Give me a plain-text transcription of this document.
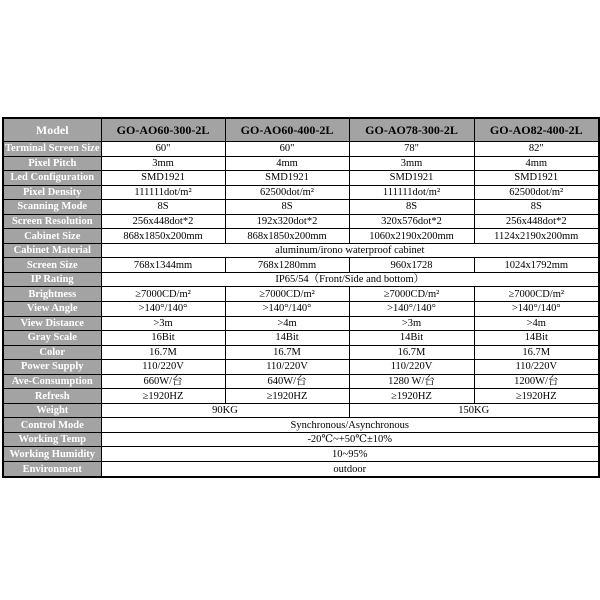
Model	GO-AO60-300-2L	GO-AO60-400-2L	GO-AO78-300-2L	GO-AO82-400-2L
Terminal Screen Size	60"	60"	78"	82"
Pixel Pitch	3mm	4mm	3mm	4mm
Led Configuration	SMD1921	SMD1921	SMD1921	SMD1921
Pixel Density	111111dot/m²	62500dot/m²	111111dot/m²	62500dot/m²
Scanning Mode	8S	8S	8S	8S
Screen Resolution	256x448dot*2	192x320dot*2	320x576dot*2	256x448dot*2
Cabinet Size	868x1850x200mm	868x1850x200mm	1060x2190x200mm	1124x2190x200mm
Cabinet Material	aluminum/irono waterproof cabinet			
Screen Size	768x1344mm	768x1280mm	960x1728	1024x1792mm
IP Rating	IP65/54（Front/Side and bottom）			
Brightness	≥7000CD/m²	≥7000CD/m²	≥7000CD/m²	≥7000CD/m²
View Angle	>140°/140°	>140°/140°	>140°/140°	>140°/140°
View Distance	>3m	>4m	>3m	>4m
Gray Scale	16Bit	14Bit	14Bit	14Bit
Color	16.7M	16.7M	16.7M	16.7M
Power Supply	110/220V	110/220V	110/220V	110/220V
Ave-Consumption	660W/台	640W/台	1280 W/台	1200W/台
Refresh	≥1920HZ	≥1920HZ	≥1920HZ	≥1920HZ
Weight	90KG		150KG	
Control Mode	Synchronous/Asynchronous			
Working Temp	-20℃~+50℃±10%			
Working Humidity	10~95%			
Environment	outdoor			
